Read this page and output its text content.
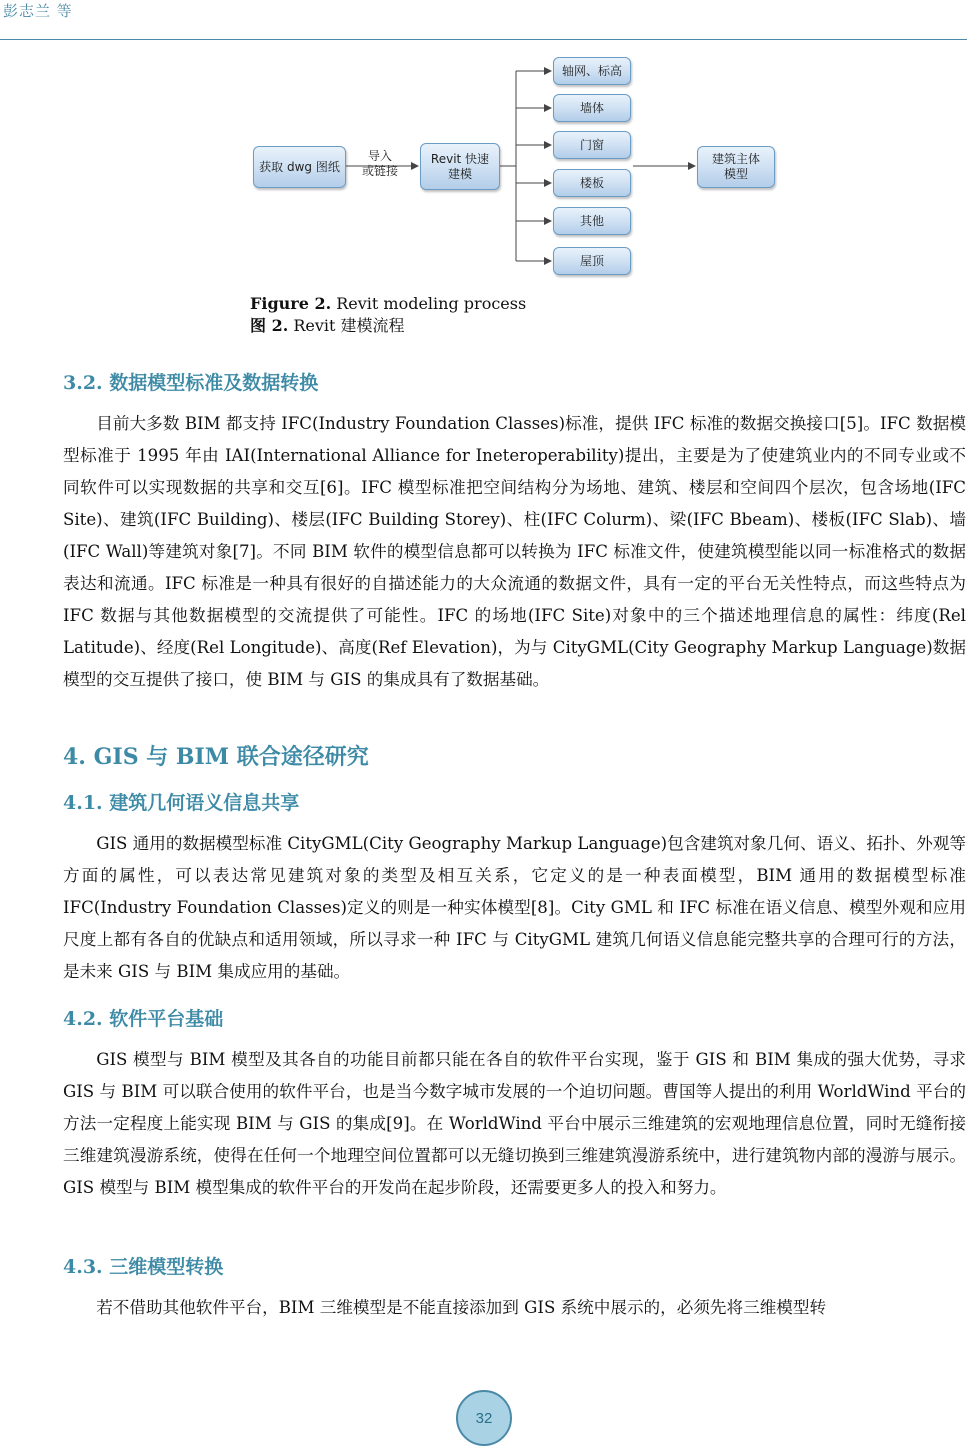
彭志兰 等
获取 dwg 图纸
导入
或链接
Revit 快速
建模
轴网、标高
墙体
门窗
楼板
其他
屋顶
建筑主体
模型
Figure 2. Revit modeling process
图 2. Revit 建模流程
3.2. 数据模型标准及数据转换

目前大多数 BIM 都支持 IFC(Industry Foundation Classes)标准，提供 IFC 标准的数据交换接口[5]。IFC 数据模型标准于 1995 年由 IAI(International Alliance for Ineteroperability)提出，主要是为了使建筑业内的不同专业或不同软件可以实现数据的共享和交互[6]。IFC 模型标准把空间结构分为场地、建筑、楼层和空间四个层次，包含场地(IFC Site)、建筑(IFC Building)、楼层(IFC Building Storey)、柱(IFC Colurm)、梁(IFC Bbeam)、楼板(IFC Slab)、墙(IFC Wall)等建筑对象[7]。不同 BIM 软件的模型信息都可以转换为 IFC 标准文件，使建筑模型能以同一标准格式的数据表达和流通。IFC 标准是一种具有很好的自描述能力的大众流通的数据文件，具有一定的平台无关性特点，而这些特点为 IFC 数据与其他数据模型的交流提供了可能性。IFC 的场地(IFC Site)对象中的三个描述地理信息的属性：纬度(Rel Latitude)、经度(Rel Longitude)、高度(Ref Elevation)，为与 CityGML(City Geography Markup Language)数据模型的交互提供了接口，使 BIM 与 GIS 的集成具有了数据基础。

4. GIS 与 BIM 联合途径研究
4.1. 建筑几何语义信息共享

GIS 通用的数据模型标准 CityGML(City Geography Markup Language)包含建筑对象几何、语义、拓扑、外观等方面的属性，可以表达常见建筑对象的类型及相互关系，它定义的是一种表面模型，BIM 通用的数据模型标准 IFC(Industry Foundation Classes)定义的则是一种实体模型[8]。City GML 和 IFC 标准在语义信息、模型外观和应用尺度上都有各自的优缺点和适用领域，所以寻求一种 IFC 与 CityGML 建筑几何语义信息能完整共享的合理可行的方法，是未来 GIS 与 BIM 集成应用的基础。

4.2. 软件平台基础

GIS 模型与 BIM 模型及其各自的功能目前都只能在各自的软件平台实现，鉴于 GIS 和 BIM 集成的强大优势，寻求 GIS 与 BIM 可以联合使用的软件平台，也是当今数字城市发展的一个迫切问题。曹国等人提出的利用 WorldWind 平台的方法一定程度上能实现 BIM 与 GIS 的集成[9]。在 WorldWind 平台中展示三维建筑的宏观地理信息位置，同时无缝衔接三维建筑漫游系统，使得在任何一个地理空间位置都可以无缝切换到三维建筑漫游系统中，进行建筑物内部的漫游与展示。GIS 模型与 BIM 模型集成的软件平台的开发尚在起步阶段，还需要更多人的投入和努力。

4.3. 三维模型转换

若不借助其他软件平台，BIM 三维模型是不能直接添加到 GIS 系统中展示的，必须先将三维模型转

32
